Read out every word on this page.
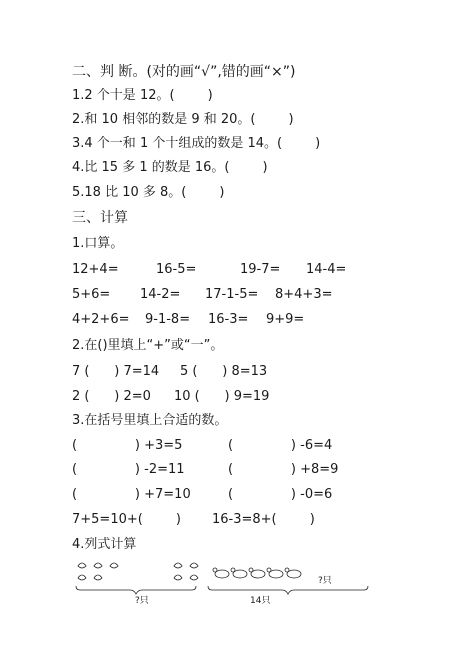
二、判 断。(对的画“√”,错的画“×”)
1.2 个十是 12。(        )
2.和 10 相邻的数是 9 和 20。(        )
3.4 个一和 1 个十组成的数是 14。(        )
4.比 15 多 1 的数是 16。(        )
5.18 比 10 多 8。(        )
三、计算
1.口算。
12+4=	16-5=	19-7= 14-4=
5+6= 14-2= 17-1-5= 8+4+3=
4+2+6= 9-1-8= 16-3= 9+9=
2.在()里填上“+”或“一”。
7 (      ) 7=14 5 (      ) 8=13
2 (      ) 2=0 10 (      ) 9=19
3.在括号里填上合适的数。
(              ) +3=5	(              ) -6=4
(              ) -2=11	(              ) +8=9
(              ) +7=10	(              ) -0=6
7+5=10+(        ) 16-3=8+(        )
4.列式计算
?只	14只
?只
